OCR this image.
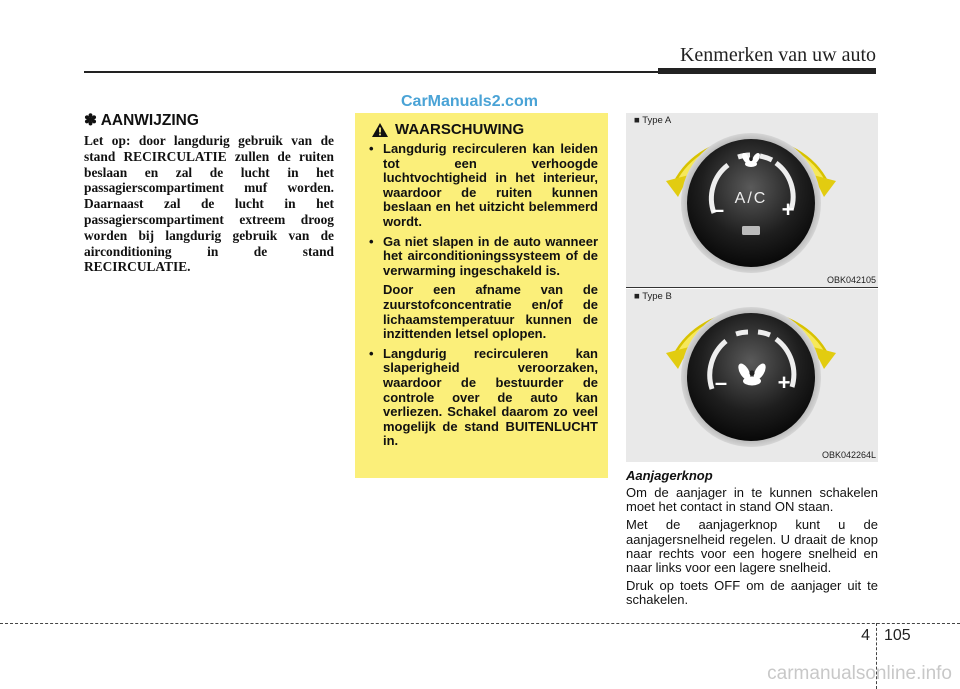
Kenmerken van uw auto
CarManuals2.com
✽ AANWIJZING
Let op: door langdurig gebruik van de stand RECIRCULATIE zullen de ruiten beslaan en zal de lucht in het passagierscompartiment muf worden. Daarnaast zal de lucht in het passagierscompartiment extreem droog worden bij langdurig gebruik van de airconditioning in de stand RECIRCULATIE.
WAARSCHUWING
• Langdurig recirculeren kan leiden tot een verhoogde luchtvochtigheid in het interieur, waardoor de ruiten kunnen beslaan en het uitzicht belemmerd wordt.
• Ga niet slapen in de auto wanneer het airconditioningssysteem of de verwarming ingeschakeld is.
Door een afname van de zuurstofconcentratie en/of de lichaamstemperatuur kunnen de inzittenden letsel oplopen.
• Langdurig recirculeren kan slaperigheid veroorzaken, waardoor de bestuurder de controle over de auto kan verliezen. Schakel daarom zo veel mogelijk de stand BUITENLUCHT in.
■ Type A
A/C
–	+
OBK042105
■ Type B
– +
OBK042264L
Aanjagerknop

Om de aanjager in te kunnen schakelen moet het contact in stand ON staan.

Met de aanjagerknop kunt u de aanjagersnelheid regelen. U draait de knop naar rechts voor een hogere snelheid en naar links voor een lagere snelheid.

Druk op toets OFF om de aanjager uit te schakelen.

4 105
carmanualsonline.info
